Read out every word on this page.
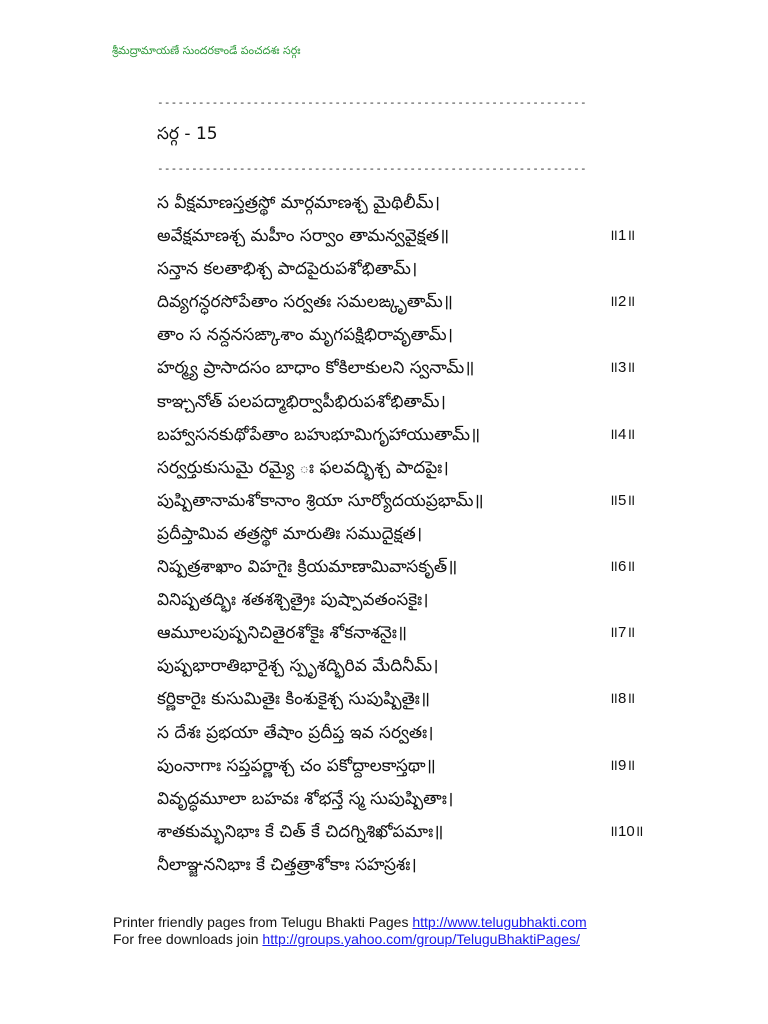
శ్రీమద్రామాయణే సుందరకాండే పంచదశః సర్గః
---------------------------------------------------------------
సర్గ - 15
---------------------------------------------------------------
స వీక్షమాణస్తత్రస్థో మార్గమాణశ్చ మైథిలీమ్।
అవేక్షమాణశ్చ మహీం సర్వాం తామన్వవైక్షత॥	॥1॥
సన్తాన కలతాభిశ్చ పాదపైరుపశోభితామ్।
దివ్యగన్ధరసోపేతాం సర్వతః సమలఙ్కృతామ్॥	॥2॥
తాం స నన్దనసఙ్కాశాం మృగపక్షిభిరావృతామ్।
హర్మ్య ప్రాసాదసం బాధాం కోకిలాకులని స్వనామ్॥	॥3॥
కాఞ్చనోత్ పలపద్మాభిర్వాపీభిరుపశోభితామ్।
బహ్వాసనకుథోపేతాం బహుభూమిగృహాయుతామ్॥	॥4॥
సర్వర్తుకుసుమై రమ్యై ః ఫలవద్భిశ్చ పాదపైః।
పుష్పితానామశోకానాం శ్రియా సూర్యోదయప్రభామ్॥	॥5॥
ప్రదీప్తామివ తత్రస్థో మారుతిః సముదైక్షత।
నిష్పత్రశాఖాం విహగైః క్రియమాణామివాసకృత్॥	॥6॥
వినిష్పతద్భిః శతశశ్చిత్రైః పుష్పావతంసకైః।
ఆమూలపుష్పనిచితైరశోకైః శోకనాశనైః॥	॥7॥
పుష్పభారాతిభారైశ్చ స్పృశద్భిరివ మేదినీమ్।
కర్ణికారైః కుసుమితైః కింశుకైశ్చ సుపుష్పితైః॥	॥8॥
స దేశః ప్రభయా తేషాం ప్రదీప్త ఇవ సర్వతః।
పుంనాగాః సప్తపర్ణాశ్చ చం పకోద్దాలకాస్తథా॥	॥9॥
వివృద్ధమూలా బహవః శోభన్తే స్మ సుపుష్పితాః।
శాతకుమ్భనిభాః కే చిత్ కే చిదగ్నిశిఖోపమాః॥	॥10॥
నీలాఞ్జననిభాః కే చిత్తత్రాశోకాః సహస్రశః।
Printer friendly pages from Telugu Bhakti Pages http://www.telugubhakti.com
For free downloads join http://groups.yahoo.com/group/TeluguBhaktiPages/
